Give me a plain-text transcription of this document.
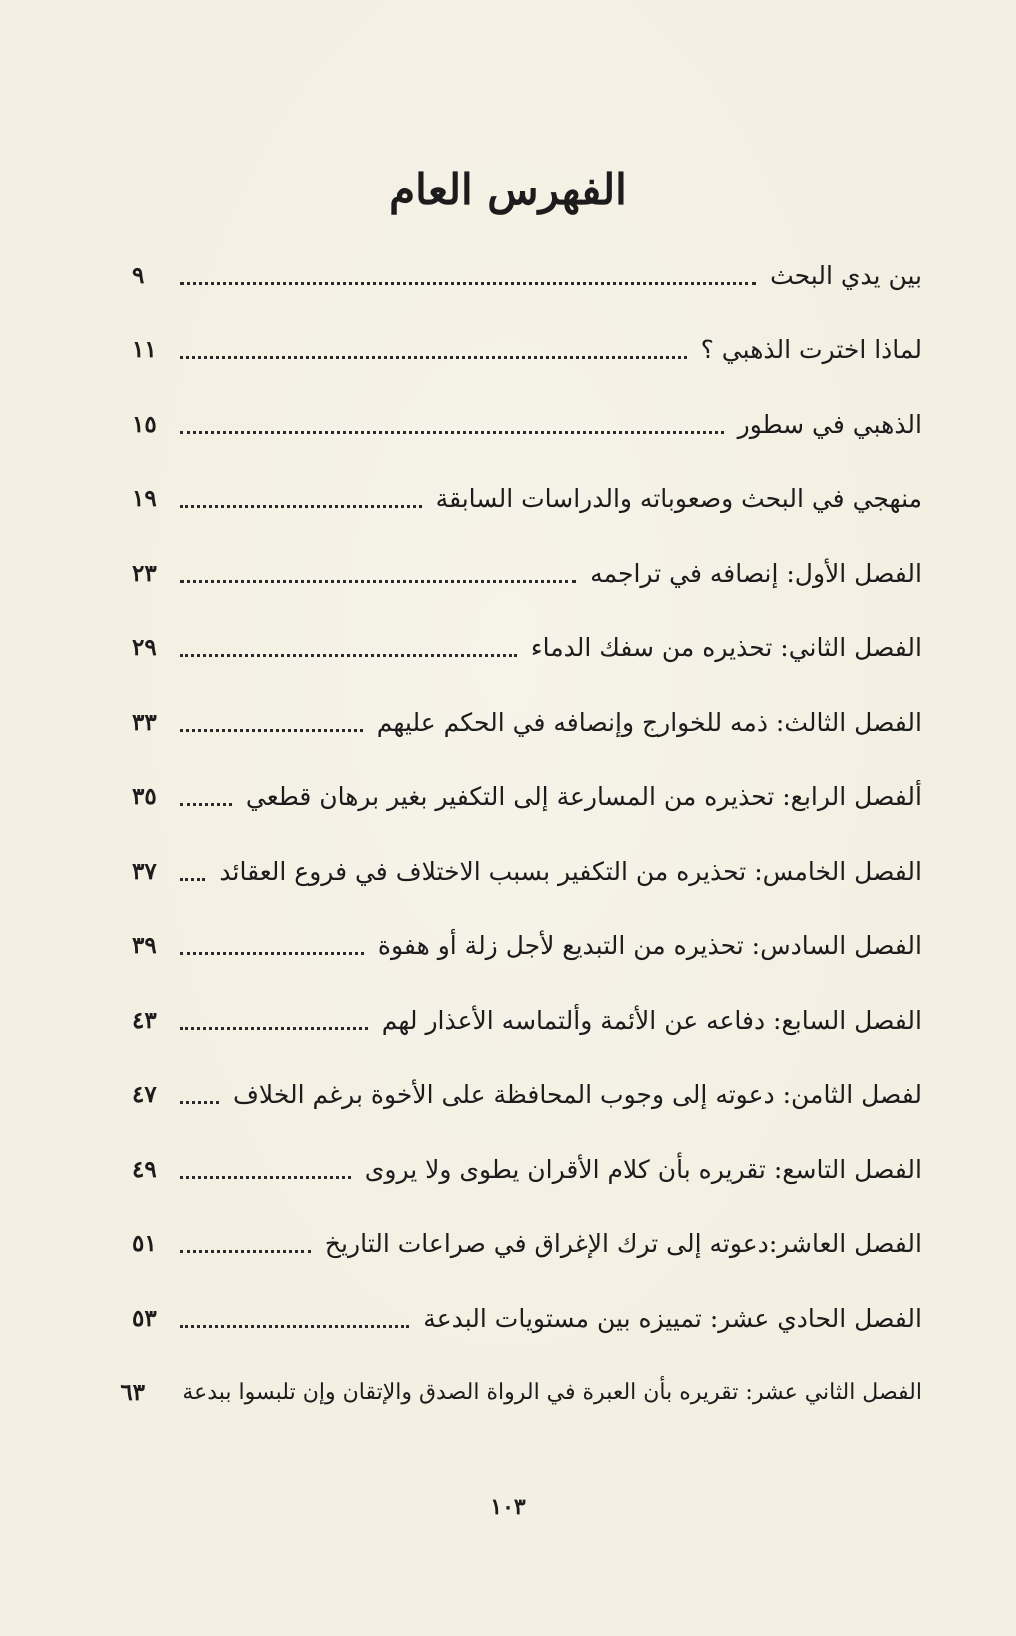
الفهرس العام
بين يدي البحث
٩
لماذا اخترت الذهبي ؟
١١
الذهبي في سطور
١٥
منهجي في البحث وصعوباته والدراسات السابقة
١٩
الفصل الأول: إنصافه في تراجمه
٢٣
الفصل الثاني: تحذيره من سفك الدماء
٢٩
الفصل الثالث: ذمه للخوارج وإنصافه في الحكم عليهم
٣٣
ألفصل الرابع: تحذيره من المسارعة إلى التكفير بغير برهان قطعي
٣٥
الفصل الخامس: تحذيره من التكفير بسبب الاختلاف في فروع العقائد
٣٧
الفصل السادس: تحذيره من التبديع لأجل زلة أو هفوة
٣٩
الفصل السابع: دفاعه عن الأئمة وألتماسه الأعذار لهم
٤٣
لفصل الثامن: دعوته إلى وجوب المحافظة على الأخوة برغم الخلاف
٤٧
الفصل التاسع: تقريره بأن كلام الأقران يطوى ولا يروى
٤٩
الفصل العاشر:دعوته إلى ترك الإغراق في صراعات التاريخ
٥١
الفصل الحادي عشر: تمييزه بين مستويات البدعة
٥٣
الفصل الثاني عشر: تقريره بأن العبرة في الرواة الصدق والإتقان وإن تلبسوا ببدعة
٦٣
١٠٣
